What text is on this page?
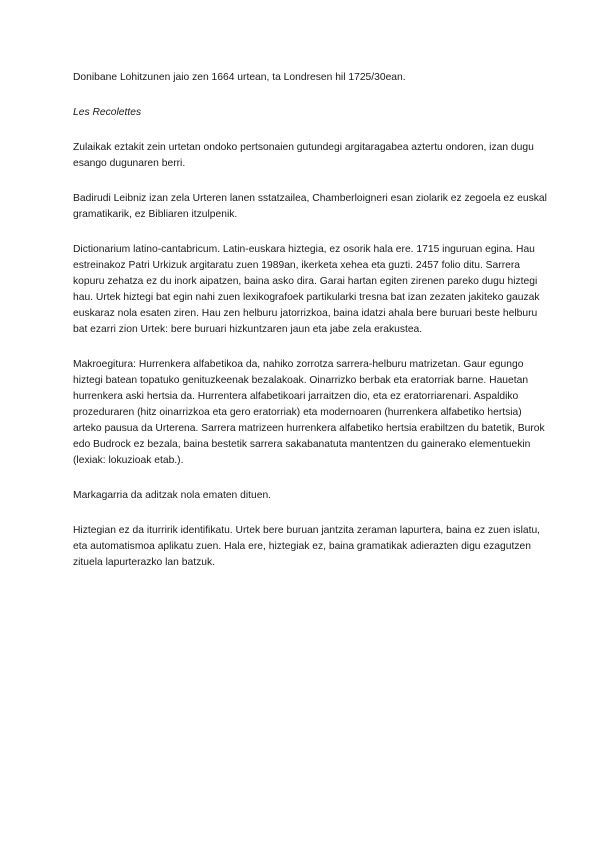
Donibane Lohitzunen jaio zen 1664 urtean, ta Londresen hil 1725/30ean.

Les Recolettes

Zulaikak eztakit zein urtetan ondoko pertsonaien gutundegi argitaragabea aztertu ondoren, izan dugu esango dugunaren berri.

Badirudi Leibniz izan zela Urteren lanen sstatzailea, Chamberloigneri esan ziolarik ez zegoela ez euskal gramatikarik, ez Bibliaren itzulpenik.

Dictionarium latino-cantabricum. Latin-euskara hiztegia, ez osorik hala ere. 1715 inguruan egina. Hau estreinakoz Patri Urkizuk argitaratu zuen 1989an, ikerketa xehea eta guzti. 2457 folio ditu. Sarrera kopuru zehatza ez du inork aipatzen, baina asko dira. Garai hartan egiten zirenen pareko dugu hiztegi hau. Urtek hiztegi bat egin nahi zuen lexikografoek partikularki tresna bat izan zezaten jakiteko gauzak euskaraz nola esaten ziren. Hau zen helburu jatorrizkoa, baina idatzi ahala bere buruari beste helburu bat ezarri zion Urtek: bere buruari hizkuntzaren jaun eta jabe zela erakustea.

Makroegitura: Hurrenkera alfabetikoa da, nahiko zorrotza sarrera-helburu matrizetan. Gaur egungo hiztegi batean topatuko genituzkeenak bezalakoak. Oinarrizko berbak eta eratorriak barne. Hauetan hurrenkera aski hertsia da. Hurrentera alfabetikoari jarraitzen dio, eta ez eratorriarenari. Aspaldiko prozeduraren (hitz oinarrizkoa eta gero eratorriak) eta modernoaren (hurrenkera alfabetiko hertsia) arteko pausua da Urterena. Sarrera matrizeen hurrenkera alfabetiko hertsia erabiltzen du batetik, Burok edo Budrock ez bezala, baina bestetik sarrera sakabanatuta mantentzen du gainerako elementuekin (lexiak: lokuzioak etab.).

Markagarria da aditzak nola ematen dituen.

Hiztegian ez da iturririk identifikatu. Urtek bere buruan jantzita zeraman lapurtera, baina ez zuen islatu, eta automatismoa aplikatu zuen. Hala ere, hiztegiak ez, baina gramatikak adierazten digu ezagutzen zituela lapurterazko lan batzuk.
